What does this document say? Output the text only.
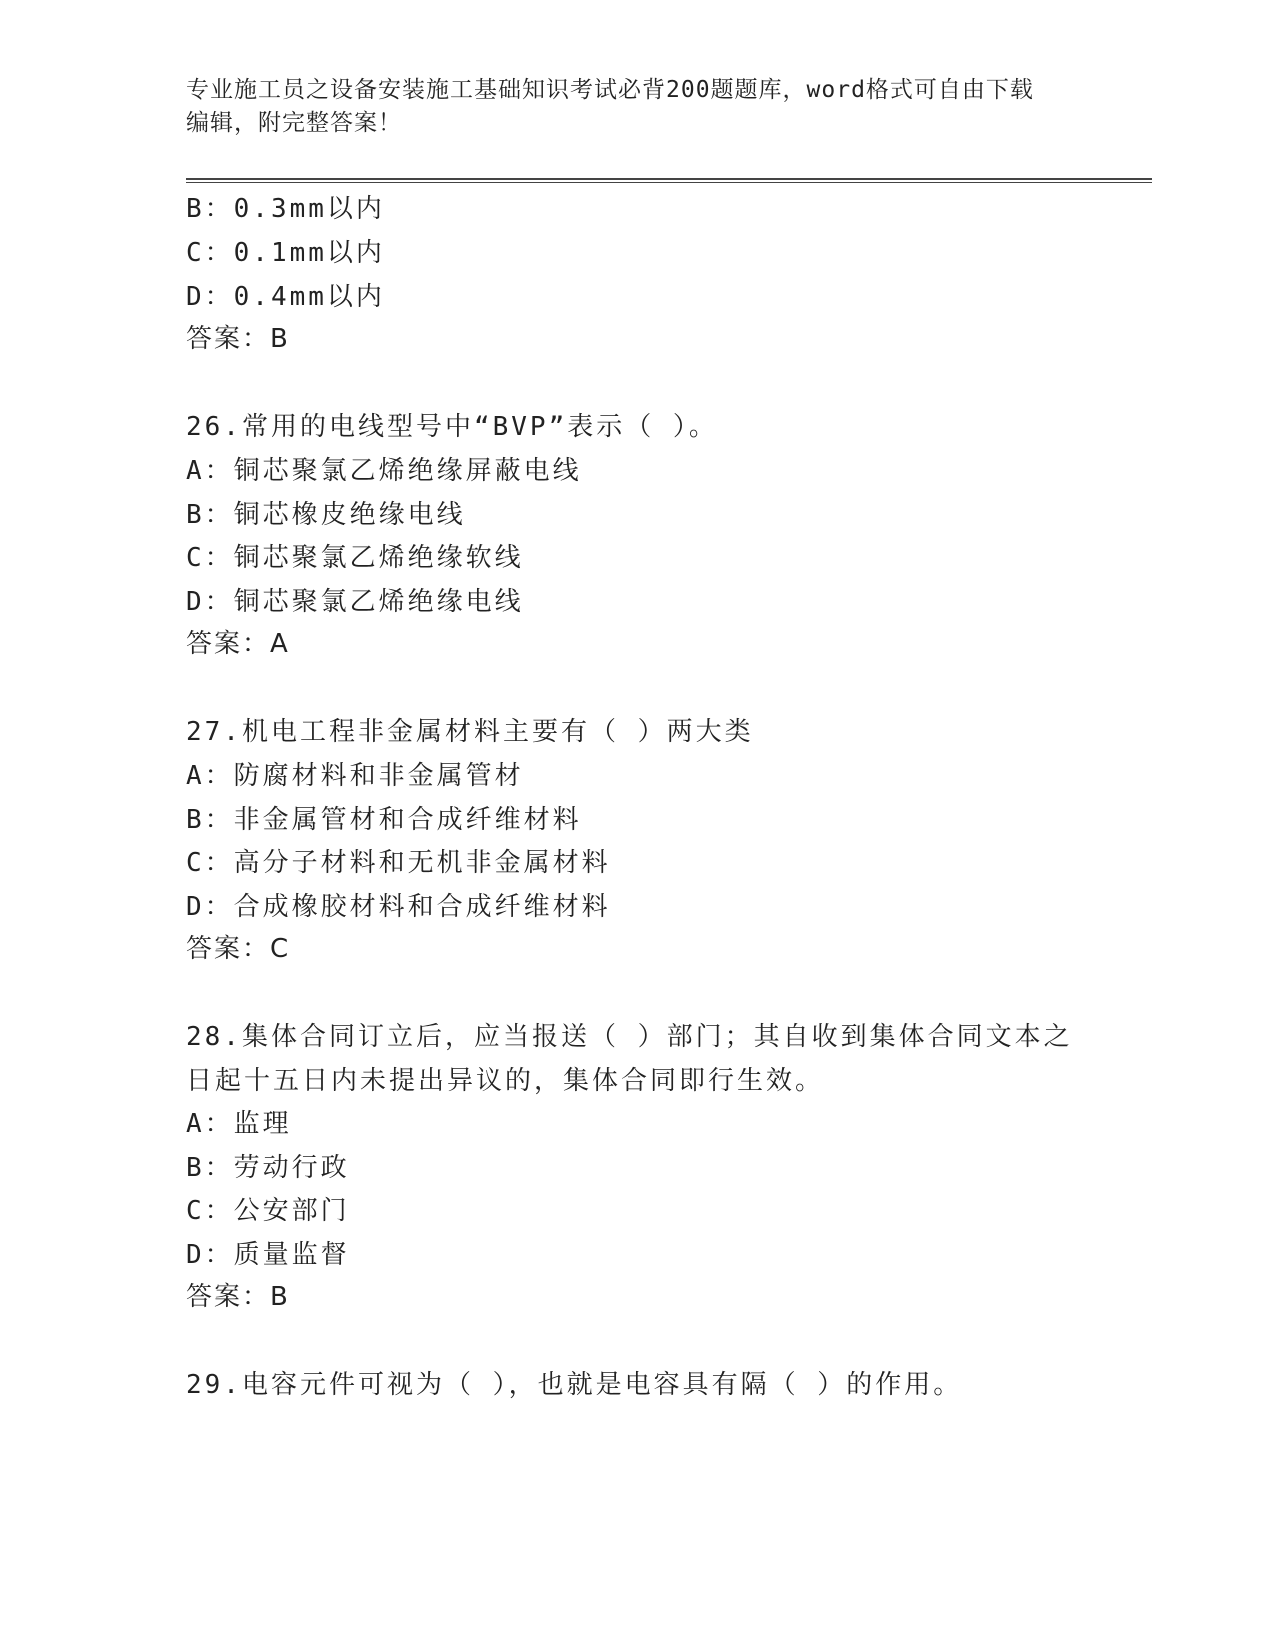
专业施工员之设备安装施工基础知识考试必背200题题库，word格式可自由下载
编辑，附完整答案！
B：0.3mm以内
C：0.1mm以内
D：0.4mm以内
答案：B
26.常用的电线型号中“BVP”表示（ ）。
A：铜芯聚氯乙烯绝缘屏蔽电线
B：铜芯橡皮绝缘电线
C：铜芯聚氯乙烯绝缘软线
D：铜芯聚氯乙烯绝缘电线
答案：A
27.机电工程非金属材料主要有（ ）两大类
A：防腐材料和非金属管材
B：非金属管材和合成纤维材料
C：高分子材料和无机非金属材料
D：合成橡胶材料和合成纤维材料
答案：C
28.集体合同订立后，应当报送（ ）部门；其自收到集体合同文本之
日起十五日内未提出异议的，集体合同即行生效。
A：监理
B：劳动行政
C：公安部门
D：质量监督
答案：B
29.电容元件可视为（ ），也就是电容具有隔（ ）的作用。
